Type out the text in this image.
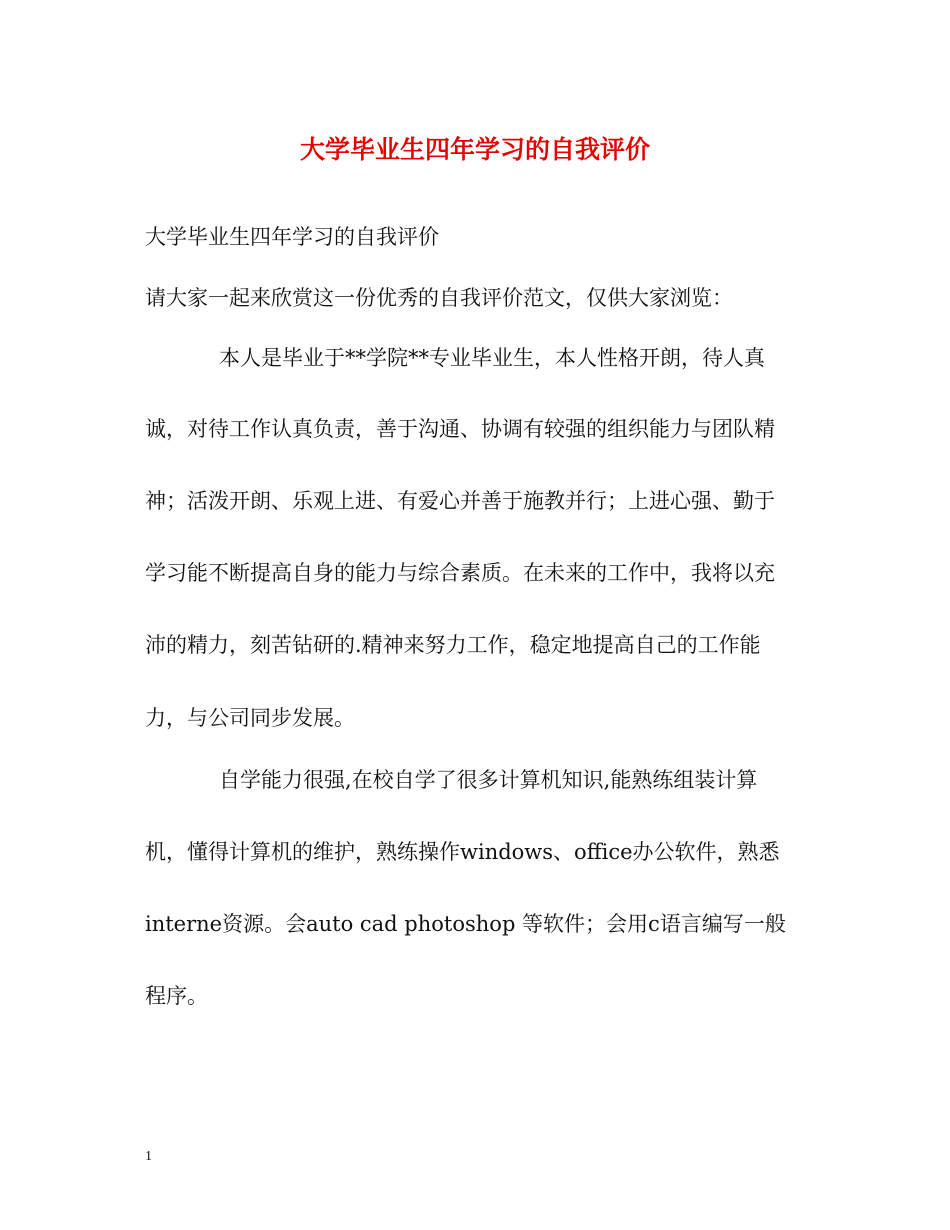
大学毕业生四年学习的自我评价

大学毕业生四年学习的自我评价

请大家一起来欣赏这一份优秀的自我评价范文，仅供大家浏览：

本人是毕业于**学院**专业毕业生，本人性格开朗，待人真

诚，对待工作认真负责，善于沟通、协调有较强的组织能力与团队精

神；活泼开朗、乐观上进、有爱心并善于施教并行；上进心强、勤于

学习能不断提高自身的能力与综合素质。在未来的工作中，我将以充

沛的精力，刻苦钻研的.精神来努力工作，稳定地提高自己的工作能

力，与公司同步发展。

自学能力很强,在校自学了很多计算机知识,能熟练组装计算

机，懂得计算机的维护，熟练操作windows、office办公软件，熟悉

interne资源。会auto cad photoshop 等软件；会用c语言编写一般

程序。

1
